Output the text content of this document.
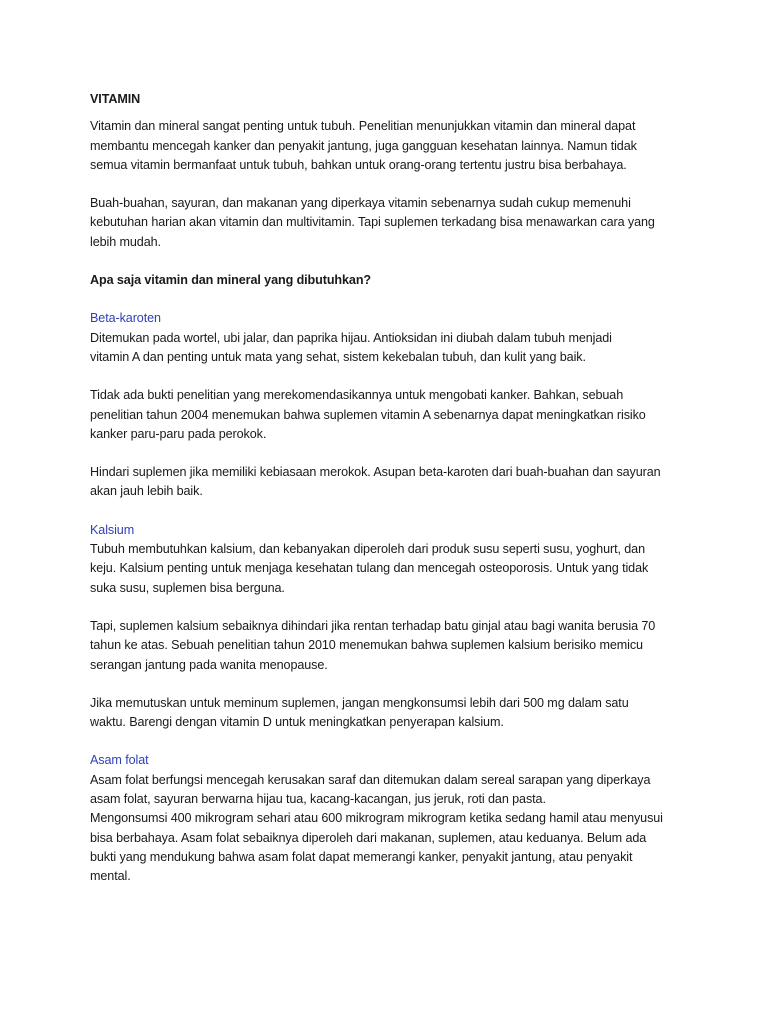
VITAMIN

Vitamin dan mineral sangat penting untuk tubuh. Penelitian menunjukkan vitamin dan mineral dapat
membantu mencegah kanker dan penyakit jantung, juga gangguan kesehatan lainnya. Namun tidak
semua vitamin bermanfaat untuk tubuh, bahkan untuk orang-orang tertentu justru bisa berbahaya.

Buah-buahan, sayuran, dan makanan yang diperkaya vitamin sebenarnya sudah cukup memenuhi
kebutuhan harian akan vitamin dan multivitamin. Tapi suplemen terkadang bisa menawarkan cara yang
lebih mudah.

Apa saja vitamin dan mineral yang dibutuhkan?

Beta-karoten

Ditemukan pada wortel, ubi jalar, dan paprika hijau. Antioksidan ini diubah dalam tubuh menjadi
vitamin A dan penting untuk mata yang sehat, sistem kekebalan tubuh, dan kulit yang baik.

Tidak ada bukti penelitian yang merekomendasikannya untuk mengobati kanker. Bahkan, sebuah
penelitian tahun 2004 menemukan bahwa suplemen vitamin A sebenarnya dapat meningkatkan risiko
kanker paru-paru pada perokok.

Hindari suplemen jika memiliki kebiasaan merokok. Asupan beta-karoten dari buah-buahan dan sayuran
akan jauh lebih baik.

Kalsium

Tubuh membutuhkan kalsium, dan kebanyakan diperoleh dari produk susu seperti susu, yoghurt, dan
keju. Kalsium penting untuk menjaga kesehatan tulang dan mencegah osteoporosis. Untuk yang tidak
suka susu, suplemen bisa berguna.

Tapi, suplemen kalsium sebaiknya dihindari jika rentan terhadap batu ginjal atau bagi wanita berusia 70
tahun ke atas. Sebuah penelitian tahun 2010 menemukan bahwa suplemen kalsium berisiko memicu
serangan jantung pada wanita menopause.

Jika memutuskan untuk meminum suplemen, jangan mengkonsumsi lebih dari 500 mg dalam satu
waktu. Barengi dengan vitamin D untuk meningkatkan penyerapan kalsium.

Asam folat

Asam folat berfungsi mencegah kerusakan saraf dan ditemukan dalam sereal sarapan yang diperkaya
asam folat, sayuran berwarna hijau tua, kacang-kacangan, jus jeruk, roti dan pasta.
Mengonsumsi 400 mikrogram sehari atau 600 mikrogram mikrogram ketika sedang hamil atau menyusui
bisa berbahaya. Asam folat sebaiknya diperoleh dari makanan, suplemen, atau keduanya. Belum ada
bukti yang mendukung bahwa asam folat dapat memerangi kanker, penyakit jantung, atau penyakit
mental.
